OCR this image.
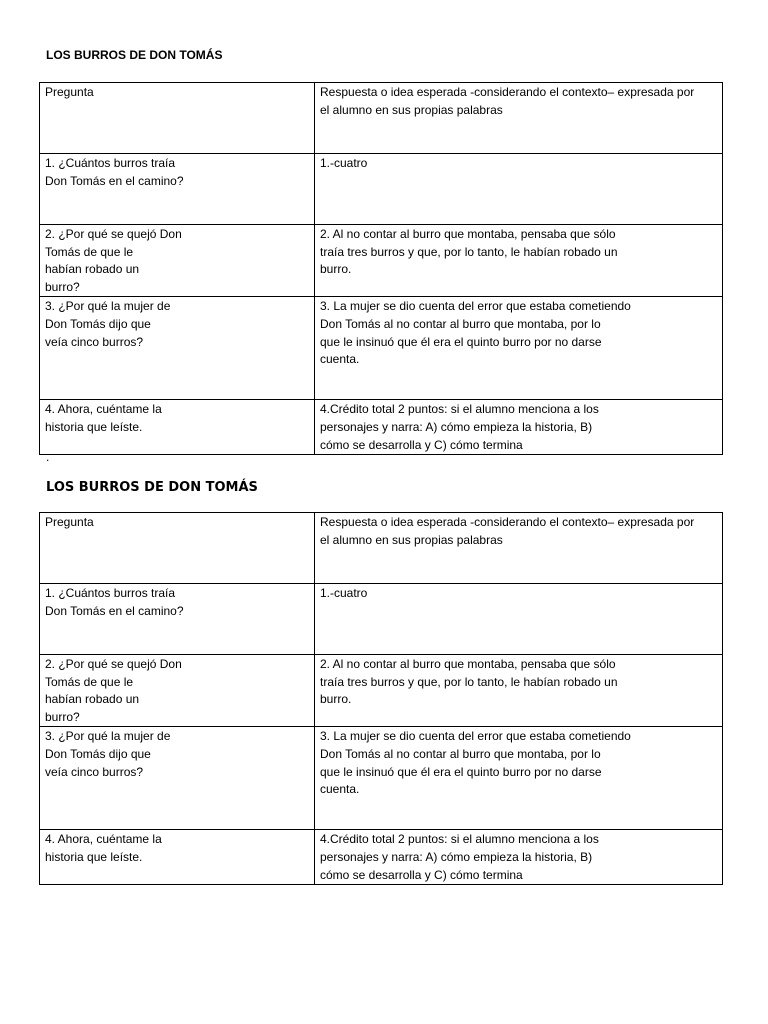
LOS BURROS DE DON TOMÁS
Pregunta	Respuesta o idea esperada -considerando el contexto– expresada por
el alumno en sus propias palabras
1. ¿Cuántos burros traía
Don Tomás en el camino?	1.-cuatro
2. ¿Por qué se quejó Don
Tomás de que le
habían robado un
burro?	2. Al no contar al burro que montaba, pensaba que sólo
traía tres burros y que, por lo tanto, le habían robado un
burro.
3. ¿Por qué la mujer de
Don Tomás dijo que
veía cinco burros?	3. La mujer se dio cuenta del error que estaba cometiendo
Don Tomás al no contar al burro que montaba, por lo
que le insinuó que él era el quinto burro por no darse
cuenta.
4. Ahora, cuéntame la
historia que leíste.	4.Crédito total 2 puntos: si el alumno menciona a los
personajes y narra: A) cómo empieza la historia, B)
cómo se desarrolla y C) cómo termina
.
LOS BURROS DE DON TOMÁS
Pregunta	Respuesta o idea esperada -considerando el contexto– expresada por
el alumno en sus propias palabras
1. ¿Cuántos burros traía
Don Tomás en el camino?	1.-cuatro
2. ¿Por qué se quejó Don
Tomás de que le
habían robado un
burro?	2. Al no contar al burro que montaba, pensaba que sólo
traía tres burros y que, por lo tanto, le habían robado un
burro.
3. ¿Por qué la mujer de
Don Tomás dijo que
veía cinco burros?	3. La mujer se dio cuenta del error que estaba cometiendo
Don Tomás al no contar al burro que montaba, por lo
que le insinuó que él era el quinto burro por no darse
cuenta.
4. Ahora, cuéntame la
historia que leíste.	4.Crédito total 2 puntos: si el alumno menciona a los
personajes y narra: A) cómo empieza la historia, B)
cómo se desarrolla y C) cómo termina
